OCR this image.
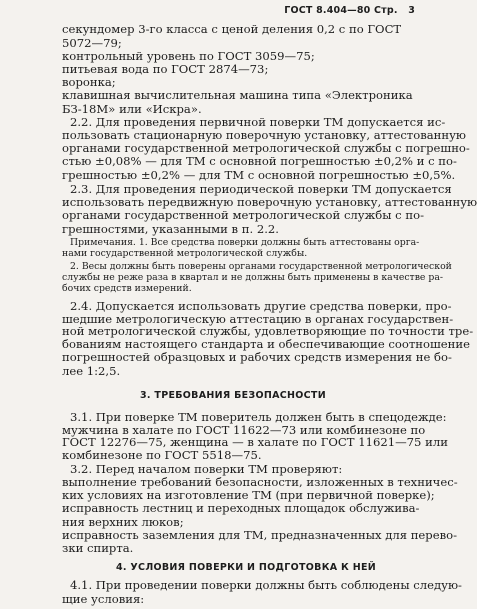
ГОСТ 8.404—80 Стр. 3
секундомер 3-го класса с ценой деления 0,2 с по ГОСТ
5072—79;
контрольный уровень по ГОСТ 3059—75;
питьевая вода по ГОСТ 2874—73;
воронка;
клавишная вычислительная машина типа «Электроника
БЗ-18М» или «Искра».
2.2. Для проведения первичной поверки ТМ допускается ис-
пользовать стационарную поверочную установку, аттестованную
органами государственной метрологической службы с погрешно-
стью ±0,08% — для ТМ с основной погрешностью ±0,2% и с по-
грешностью ±0,2% — для ТМ с основной погрешностью ±0,5%.
2.3. Для проведения периодической поверки ТМ допускается
использовать передвижную поверочную установку, аттестованную
органами государственной метрологической службы с по-
грешностями, указанными в п. 2.2.
Примечания. 1. Все средства поверки должны быть аттестованы орга-
нами государственной метрологической службы.
2. Весы должны быть поверены органами государственной метрологической
службы не реже раза в квартал и не должны быть применены в качестве ра-
бочих средств измерений.
2.4. Допускается использовать другие средства поверки, про-
шедшие метрологическую аттестацию в органах государствен-
ной метрологической службы, удовлетворяющие по точности тре-
бованиям настоящего стандарта и обеспечивающие соотношение
погрешностей образцовых и рабочих средств измерения не бо-
лее 1:2,5.
3. ТРЕБОВАНИЯ БЕЗОПАСНОСТИ
3.1. При поверке ТМ поверитель должен быть в спецодежде:
мужчина в халате по ГОСТ 11622—73 или комбинезоне по
ГОСТ 12276—75, женщина — в халате по ГОСТ 11621—75 или
комбинезоне по ГОСТ 5518—75.
3.2. Перед началом поверки ТМ проверяют:
выполнение требований безопасности, изложенных в техничес-
ких условиях на изготовление ТМ (при первичной поверке);
исправность лестниц и переходных площадок обслужива-
ния верхних люков;
исправность заземления для ТМ, предназначенных для перево-
зки спирта.
4. УСЛОВИЯ ПОВЕРКИ И ПОДГОТОВКА К НЕЙ
4.1. При проведении поверки должны быть соблюдены следую-
щие условия:
